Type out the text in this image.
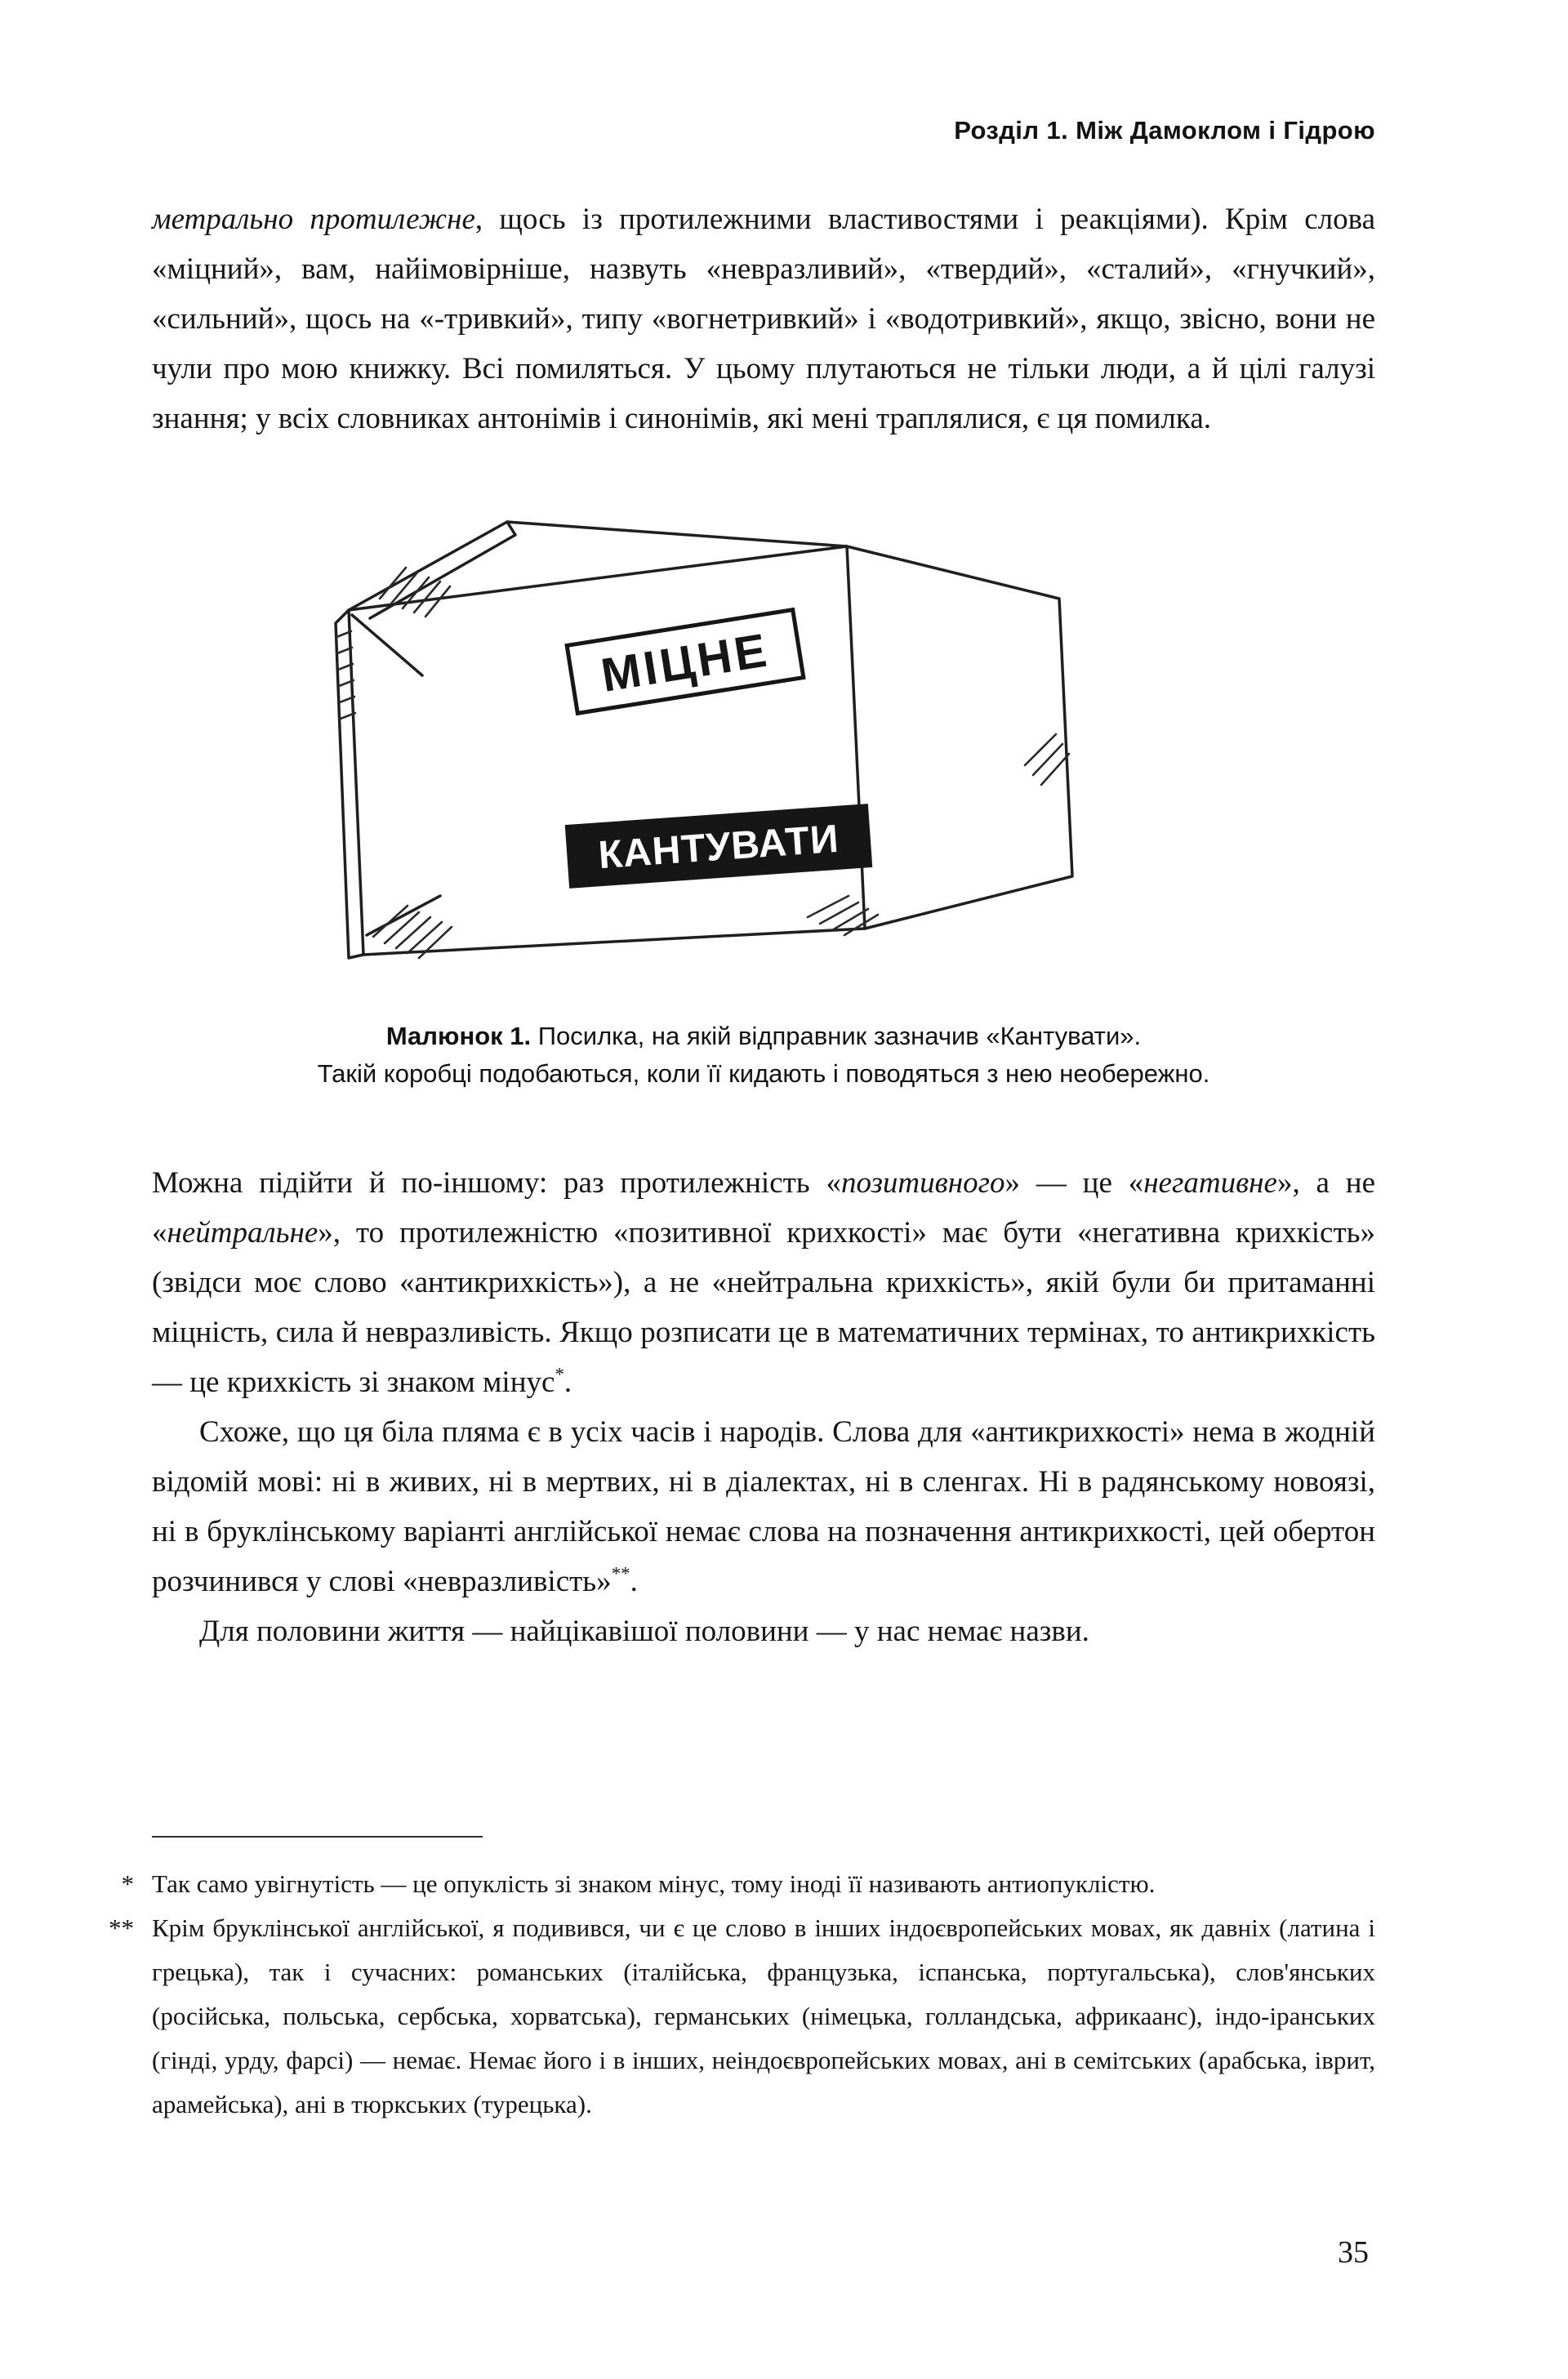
Розділ 1. Між Дамоклом і Гідрою

метрально протилежне, щось із протилежними властивостями і реакціями). Крім слова «міцний», вам, найімовірніше, назвуть «невразливий», «твердий», «сталий», «гнучкий», «сильний», щось на «-тривкий», типу «вогнетривкий» і «водотривкий», якщо, звісно, вони не чули про мою книжку. Всі помиляться. У цьому плутаються не тільки люди, а й цілі галузі знання; у всіх словниках антонімів і синонімів, які мені траплялися, є ця помилка.

МІЦНЕ
КАНТУВАТИ
Малюнок 1. Посилка, на якій відправник зазначив «Кантувати».
Такій коробці подобаються, коли її кидають і поводяться з нею необережно.

Можна підійти й по-іншому: раз протилежність «позитивного» — це «негативне», а не «нейтральне», то протилежністю «позитивної крихкості» має бути «негативна крихкість» (звідси моє слово «антикрихкість»), а не «нейтральна крихкість», якій були би притаманні міцність, сила й невразливість. Якщо розписати це в математичних термінах, то антикрихкість — це крихкість зі знаком мінус*.

Схоже, що ця біла пляма є в усіх часів і народів. Слова для «антикрихкості» нема в жодній відомій мові: ні в живих, ні в мертвих, ні в діалектах, ні в сленгах. Ні в радянському новоязі, ні в бруклінському варіанті англійської немає слова на позначення антикрихкості, цей обертон розчинився у слові «невразливість»**.

Для половини життя — найцікавішої половини — у нас немає назви.

* Так само увігнутість — це опуклість зі знаком мінус, тому іноді її називають антиопуклістю.
** Крім бруклінської англійської, я подивився, чи є це слово в інших індоєвропейських мовах, як давніх (латина і грецька), так і сучасних: романських (італійська, французька, іспанська, португальська), слов'янських (російська, польська, сербська, хорватська), германських (німецька, голландська, африкаанс), індо-іранських (гінді, урду, фарсі) — немає. Немає його і в інших, неіндоєвропейських мовах, ані в семітських (арабська, іврит, арамейська), ані в тюркських (турецька).
35
